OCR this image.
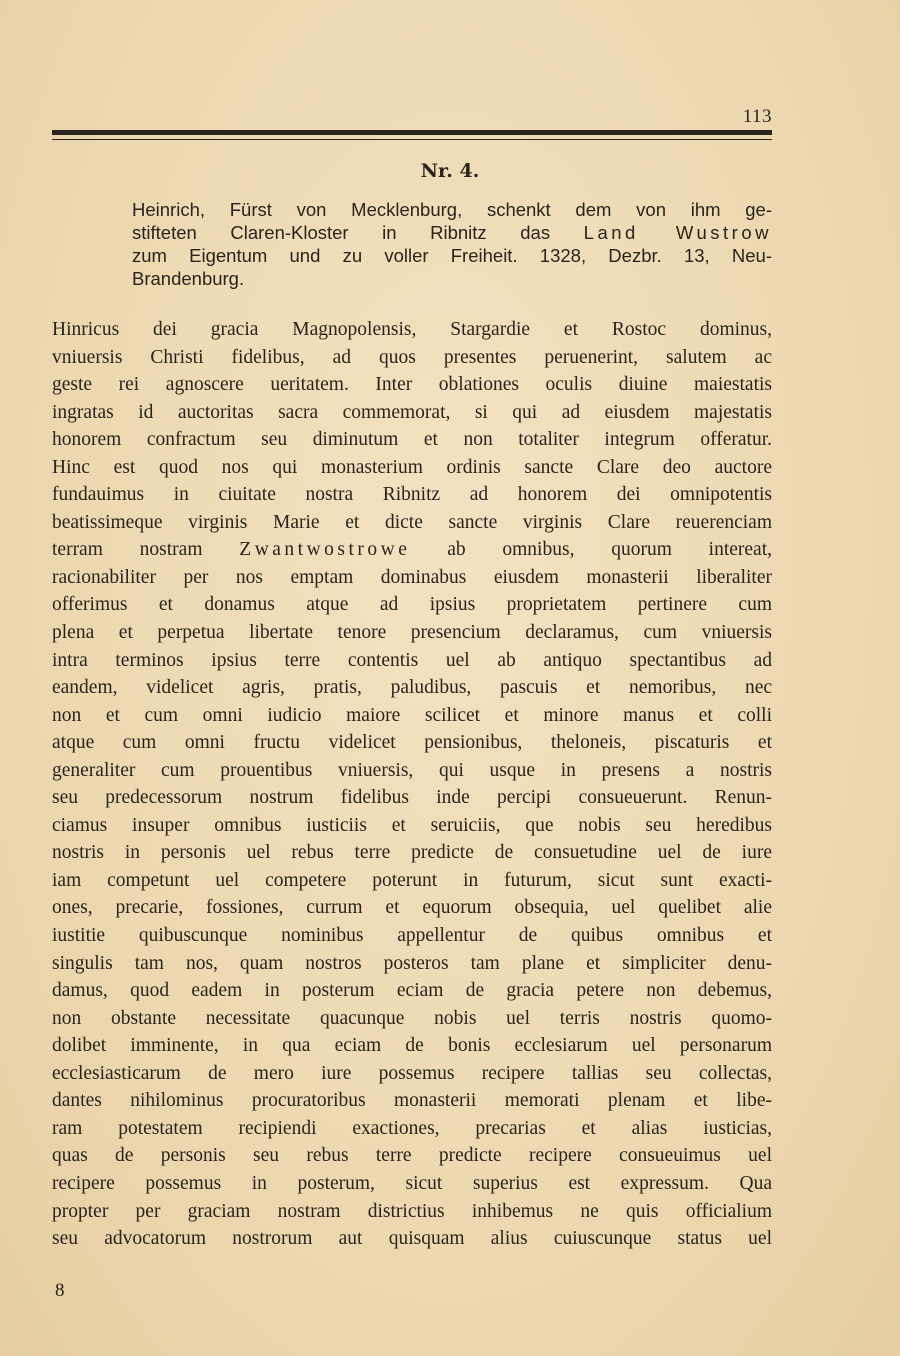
113
Nr. 4.
Heinrich, Fürst von Mecklenburg, schenkt dem von ihm ge-
stifteten Claren-Kloster in Ribnitz das Land Wustrow
zum Eigentum und zu voller Freiheit. 1328, Dezbr. 13, Neu-
Brandenburg.
Hinricus dei gracia Magnopolensis, Stargardie et Rostoc dominus,
vniuersis Christi fidelibus, ad quos presentes peruenerint, salutem ac
geste rei agnoscere ueritatem. Inter oblationes oculis diuine maiestatis
ingratas id auctoritas sacra commemorat, si qui ad eiusdem majestatis
honorem confractum seu diminutum et non totaliter integrum offeratur.
Hinc est quod nos qui monasterium ordinis sancte Clare deo auctore
fundauimus in ciuitate nostra Ribnitz ad honorem dei omnipotentis
beatissimeque virginis Marie et dicte sancte virginis Clare reuerenciam
terram nostram Zwantwostrowe ab omnibus, quorum intereat,
racionabiliter per nos emptam dominabus eiusdem monasterii liberaliter
offerimus et donamus atque ad ipsius proprietatem pertinere cum
plena et perpetua libertate tenore presencium declaramus, cum vniuersis
intra terminos ipsius terre contentis uel ab antiquo spectantibus ad
eandem, videlicet agris, pratis, paludibus, pascuis et nemoribus, nec
non et cum omni iudicio maiore scilicet et minore manus et colli
atque cum omni fructu videlicet pensionibus, theloneis, piscaturis et
generaliter cum prouentibus vniuersis, qui usque in presens a nostris
seu predecessorum nostrum fidelibus inde percipi consueuerunt. Renun-
ciamus insuper omnibus iusticiis et seruiciis, que nobis seu heredibus
nostris in personis uel rebus terre predicte de consuetudine uel de iure
iam competunt uel competere poterunt in futurum, sicut sunt exacti-
ones, precarie, fossiones, currum et equorum obsequia, uel quelibet alie
iustitie quibuscunque nominibus appellentur de quibus omnibus et
singulis tam nos, quam nostros posteros tam plane et simpliciter denu-
damus, quod eadem in posterum eciam de gracia petere non debemus,
non obstante necessitate quacunque nobis uel terris nostris quomo-
dolibet imminente, in qua eciam de bonis ecclesiarum uel personarum
ecclesiasticarum de mero iure possemus recipere tallias seu collectas,
dantes nihilominus procuratoribus monasterii memorati plenam et libe-
ram potestatem recipiendi exactiones, precarias et alias iusticias,
quas de personis seu rebus terre predicte recipere consueuimus uel
recipere possemus in posterum, sicut superius est expressum. Qua
propter per graciam nostram districtius inhibemus ne quis officialium
seu advocatorum nostrorum aut quisquam alius cuiuscunque status uel
8
